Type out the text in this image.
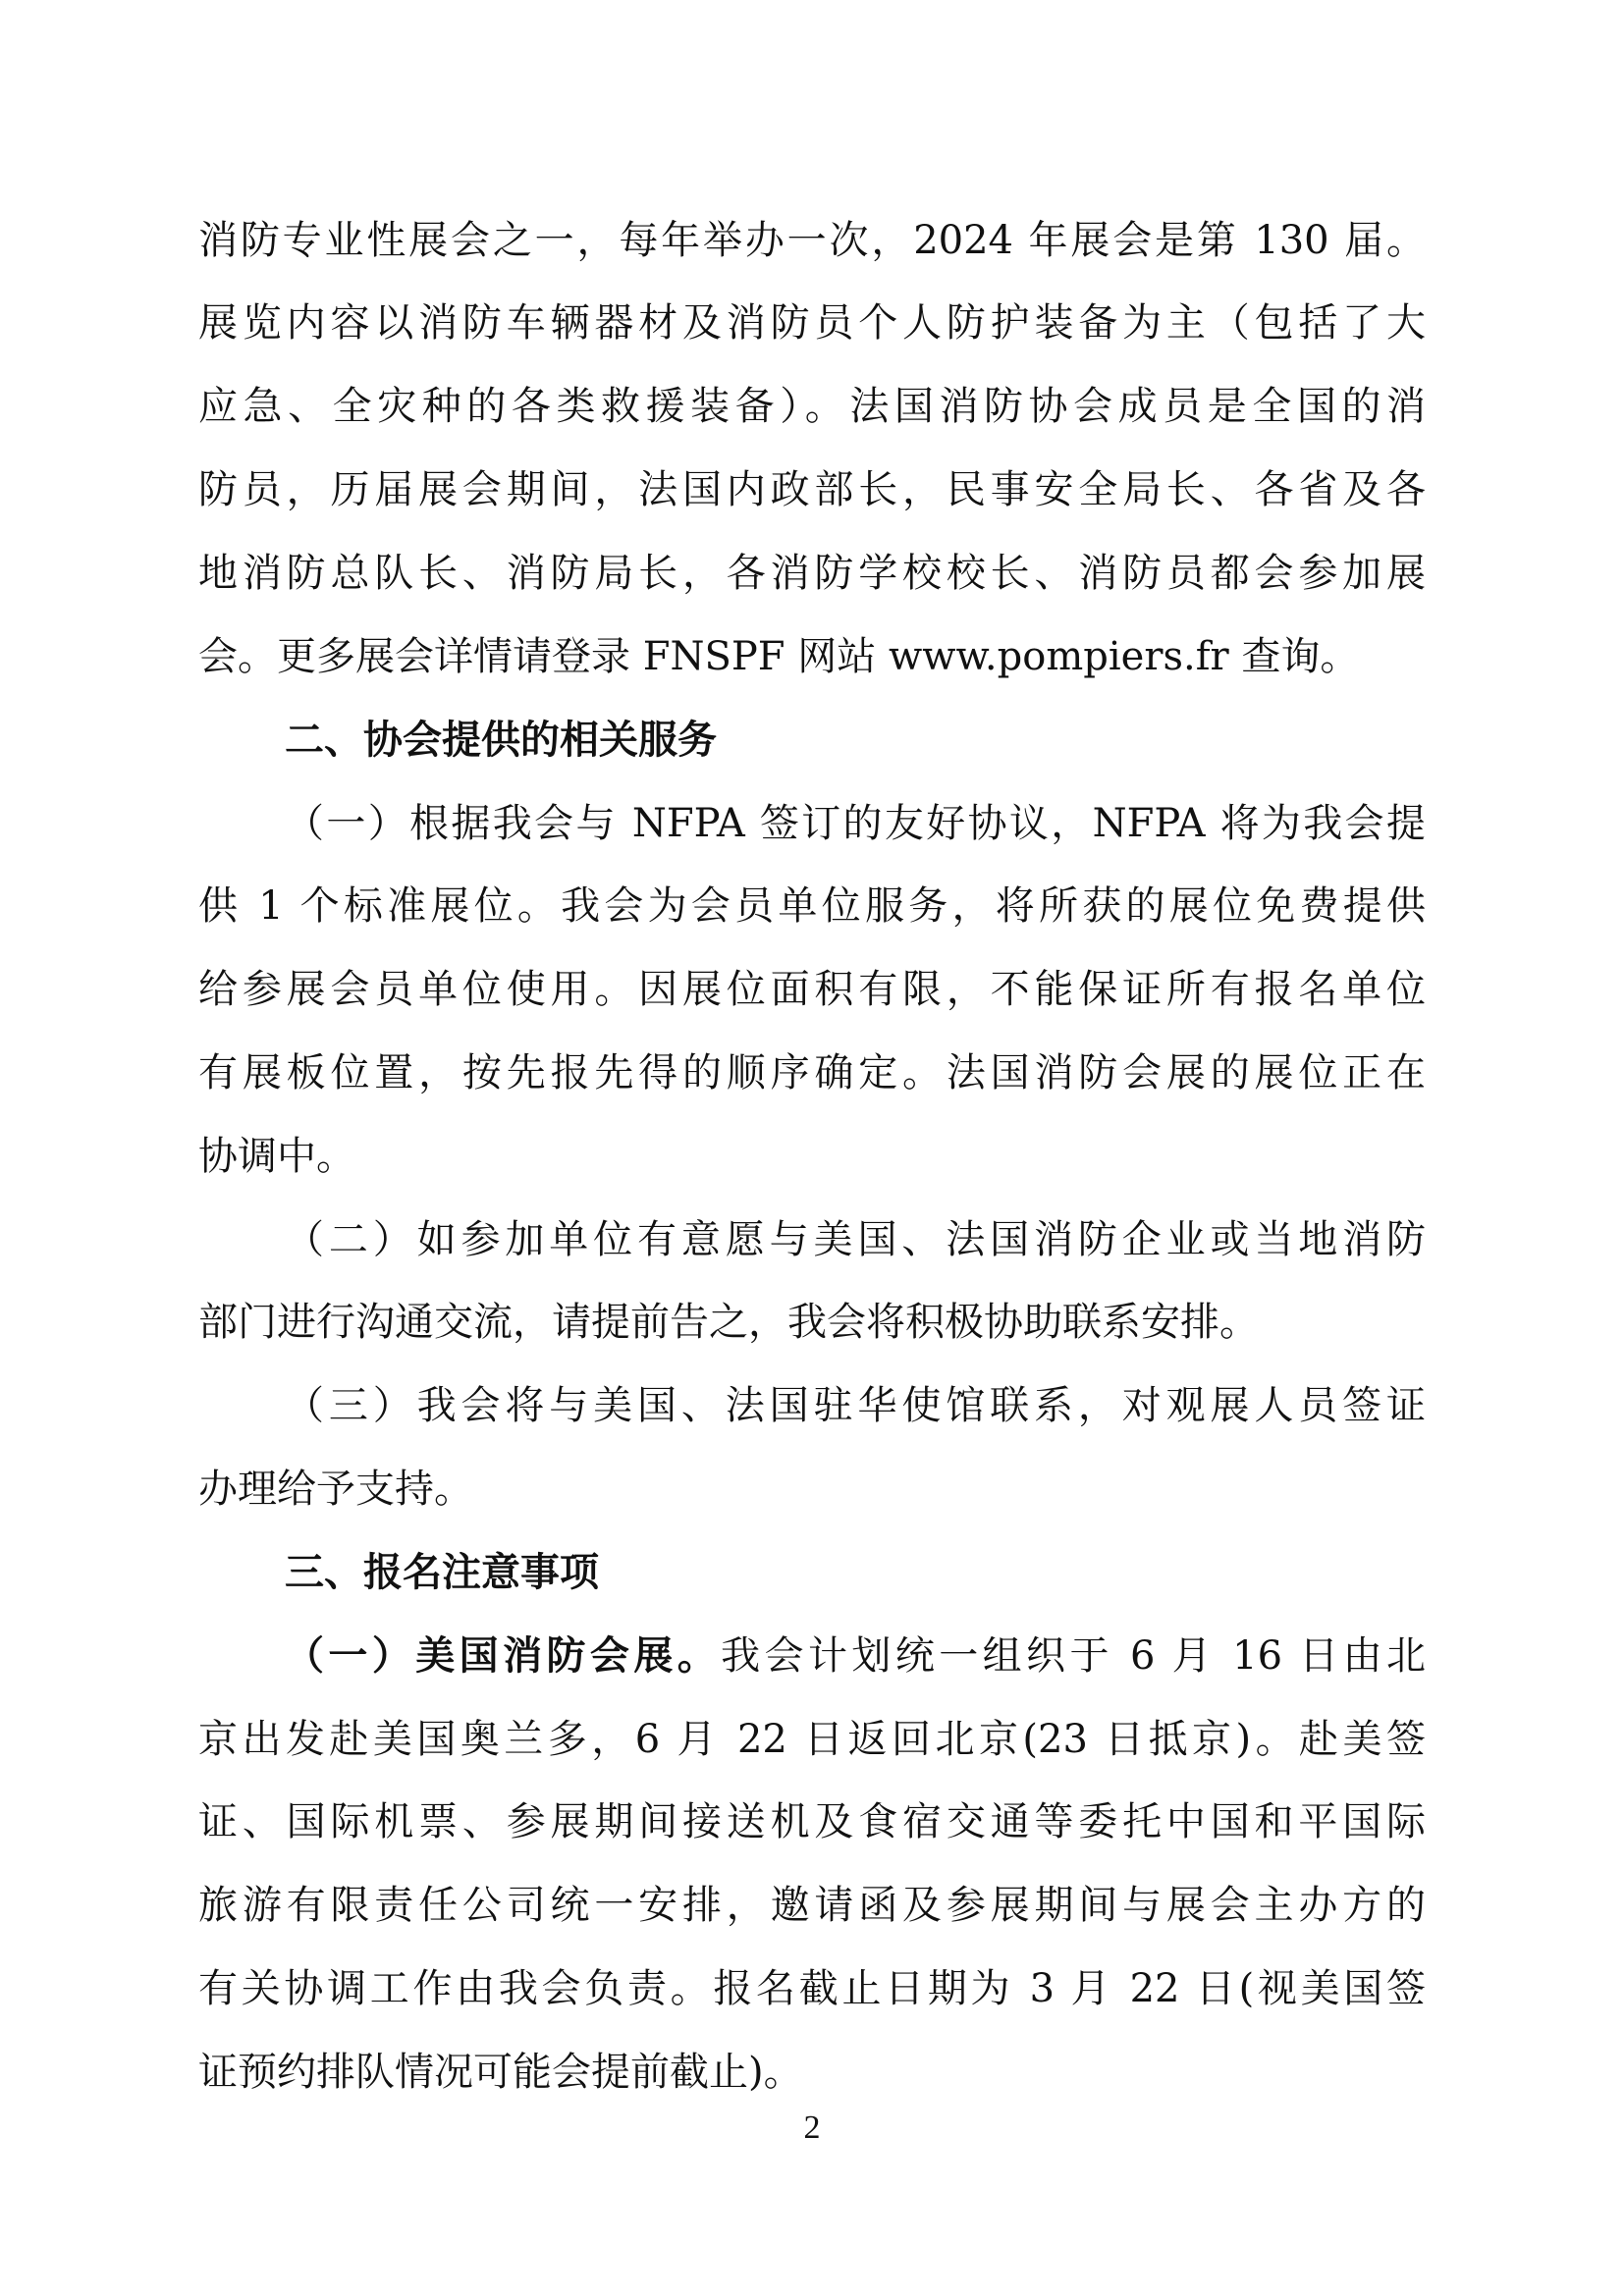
消防专业性展会之一，每年举办一次，2024 年展会是第 130 届。
展览内容以消防车辆器材及消防员个人防护装备为主（包括了大
应急、全灾种的各类救援装备）。法国消防协会成员是全国的消
防员，历届展会期间，法国内政部长，民事安全局长、各省及各
地消防总队长、消防局长，各消防学校校长、消防员都会参加展
会。更多展会详情请登录 FNSPF 网站 www.pompiers.fr 查询。
二、协会提供的相关服务
（一）根据我会与 NFPA 签订的友好协议，NFPA 将为我会提
供 1 个标准展位。我会为会员单位服务，将所获的展位免费提供
给参展会员单位使用。因展位面积有限，不能保证所有报名单位
有展板位置，按先报先得的顺序确定。法国消防会展的展位正在
协调中。
（二）如参加单位有意愿与美国、法国消防企业或当地消防
部门进行沟通交流，请提前告之，我会将积极协助联系安排。
（三）我会将与美国、法国驻华使馆联系，对观展人员签证
办理给予支持。
三、报名注意事项
（一）美国消防会展。我会计划统一组织于 6 月 16 日由北
京出发赴美国奥兰多，6 月 22 日返回北京(23 日抵京)。赴美签
证、国际机票、参展期间接送机及食宿交通等委托中国和平国际
旅游有限责任公司统一安排，邀请函及参展期间与展会主办方的
有关协调工作由我会负责。报名截止日期为 3 月 22 日(视美国签
证预约排队情况可能会提前截止)。
2
